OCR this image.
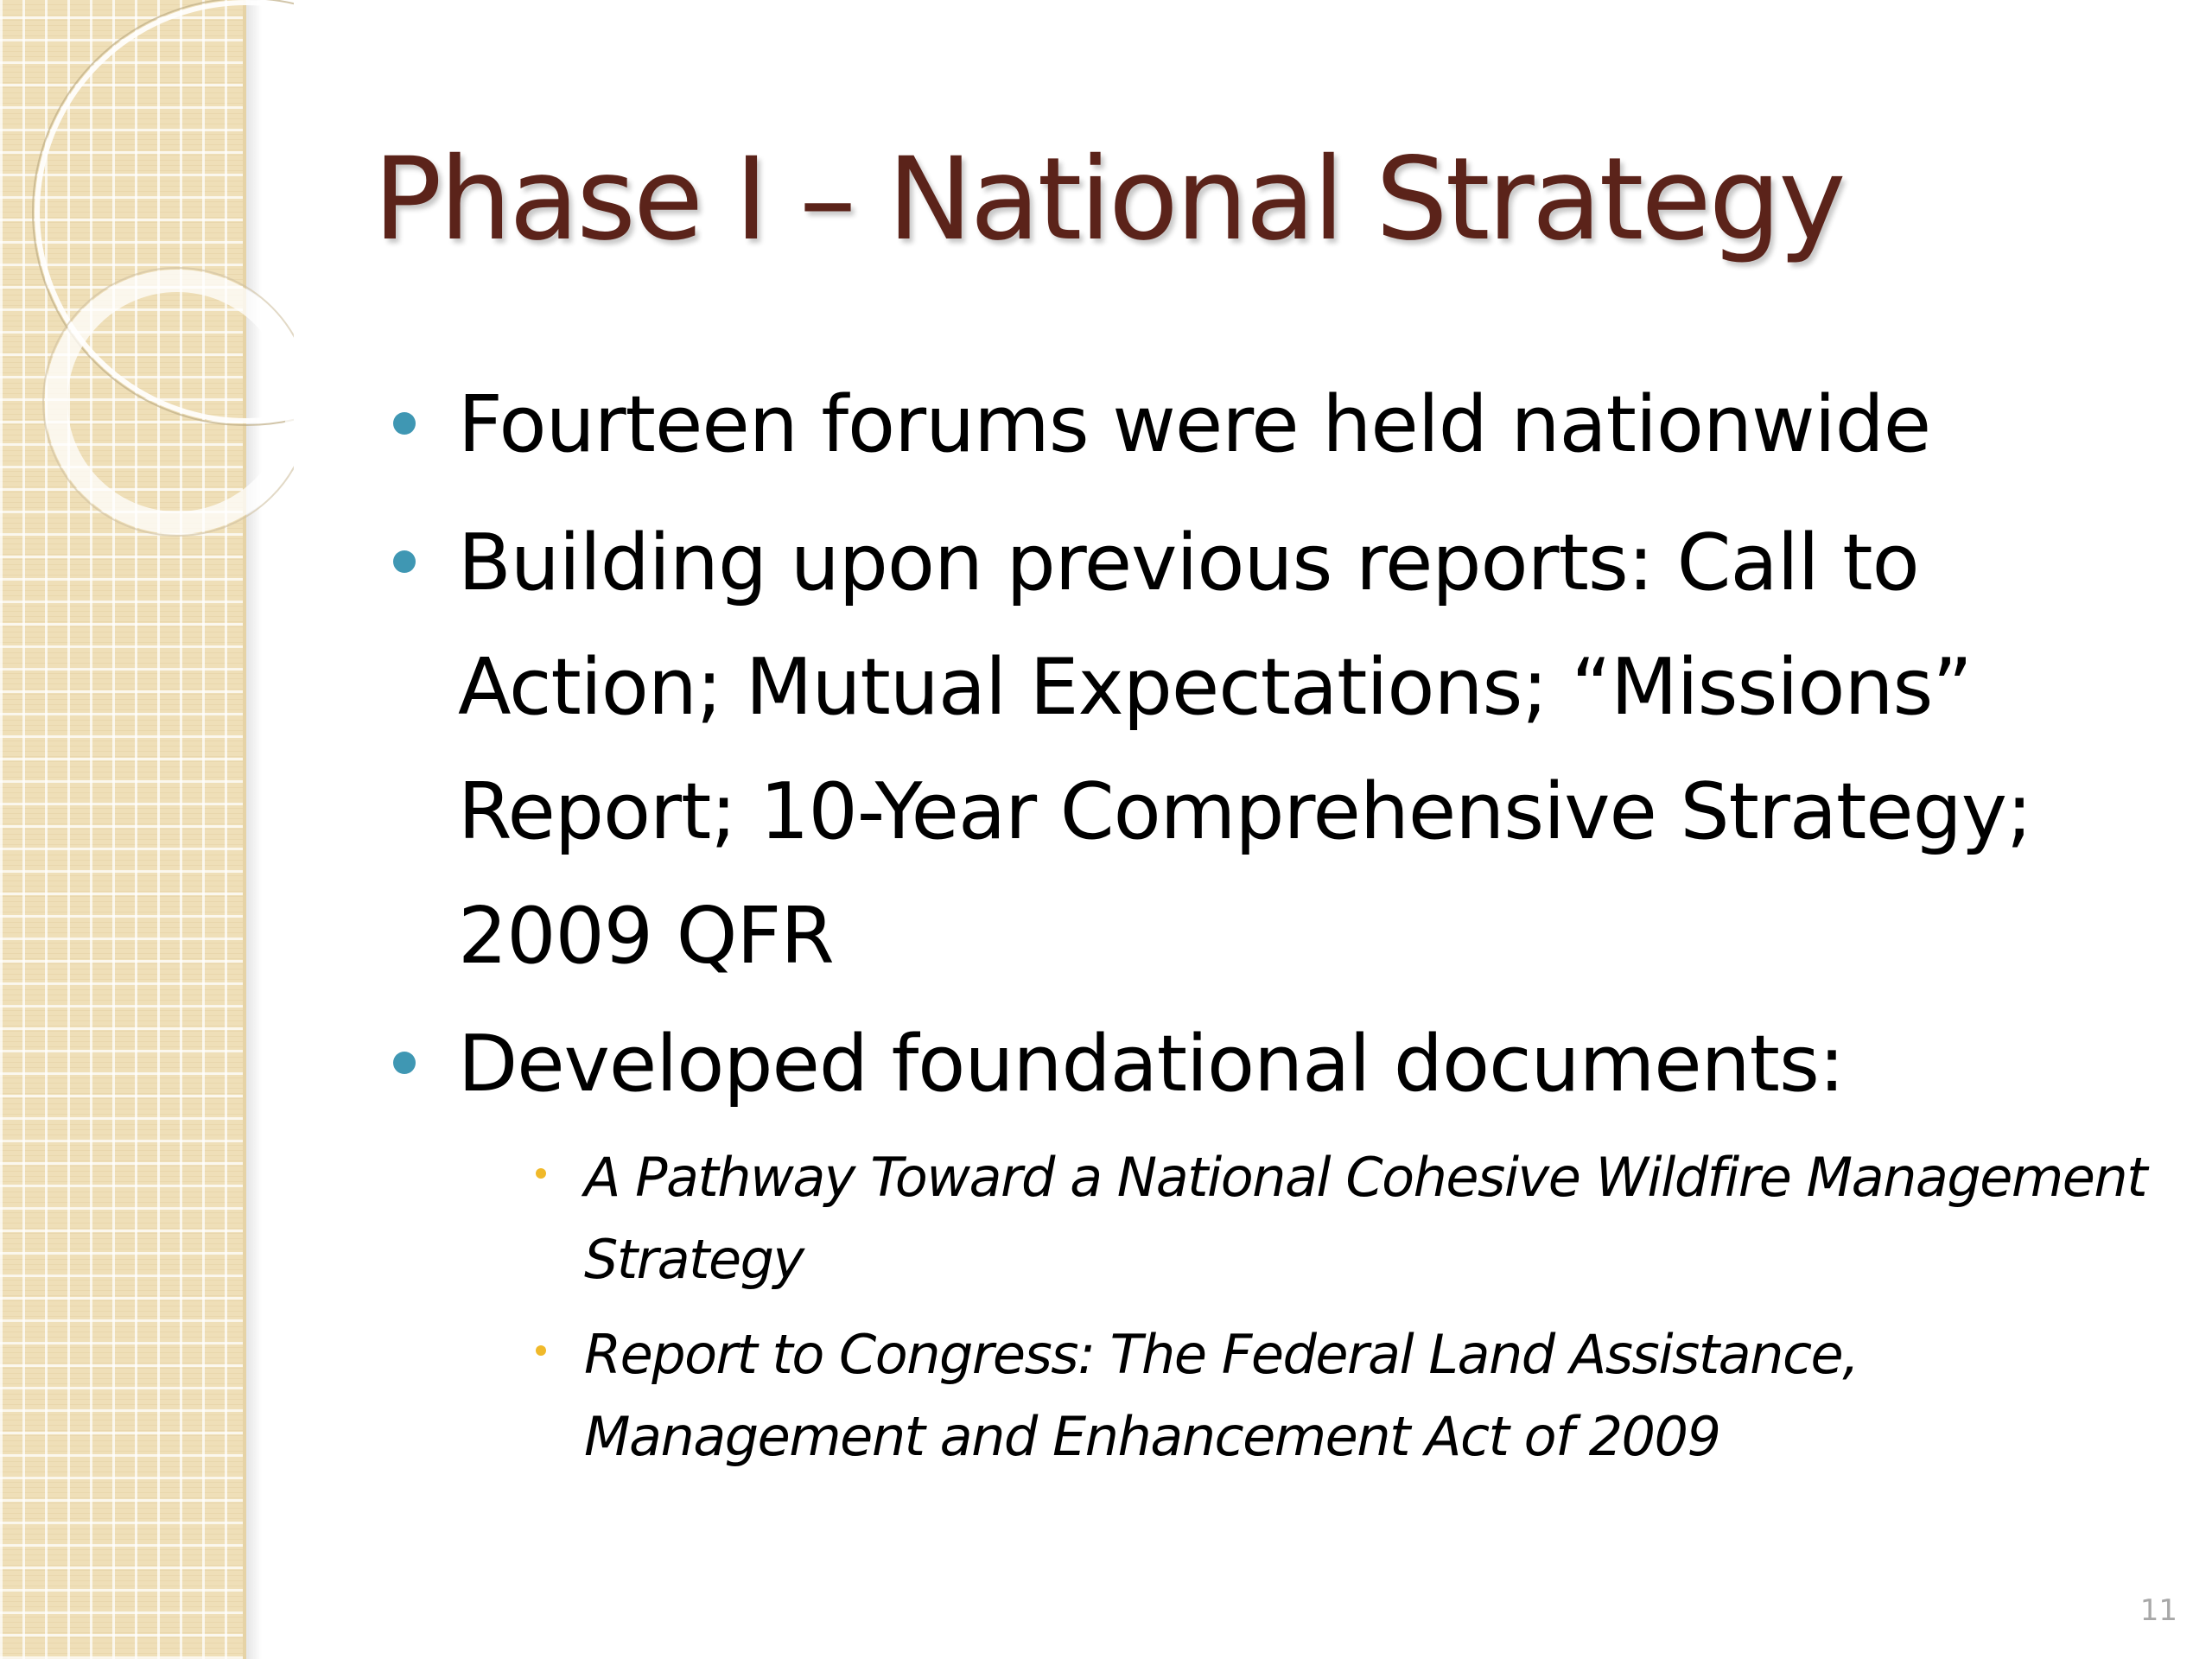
Phase I – National Strategy

Fourteen forums were held nationwide

Building upon previous reports: Call to Action; Mutual Expectations; “Missions” Report; 10-Year Comprehensive Strategy; 2009 QFR

Developed foundational documents:

A Pathway Toward a National Cohesive Wildfire Management Strategy

Report to Congress: The Federal Land Assistance, Management and Enhancement Act of 2009

11
